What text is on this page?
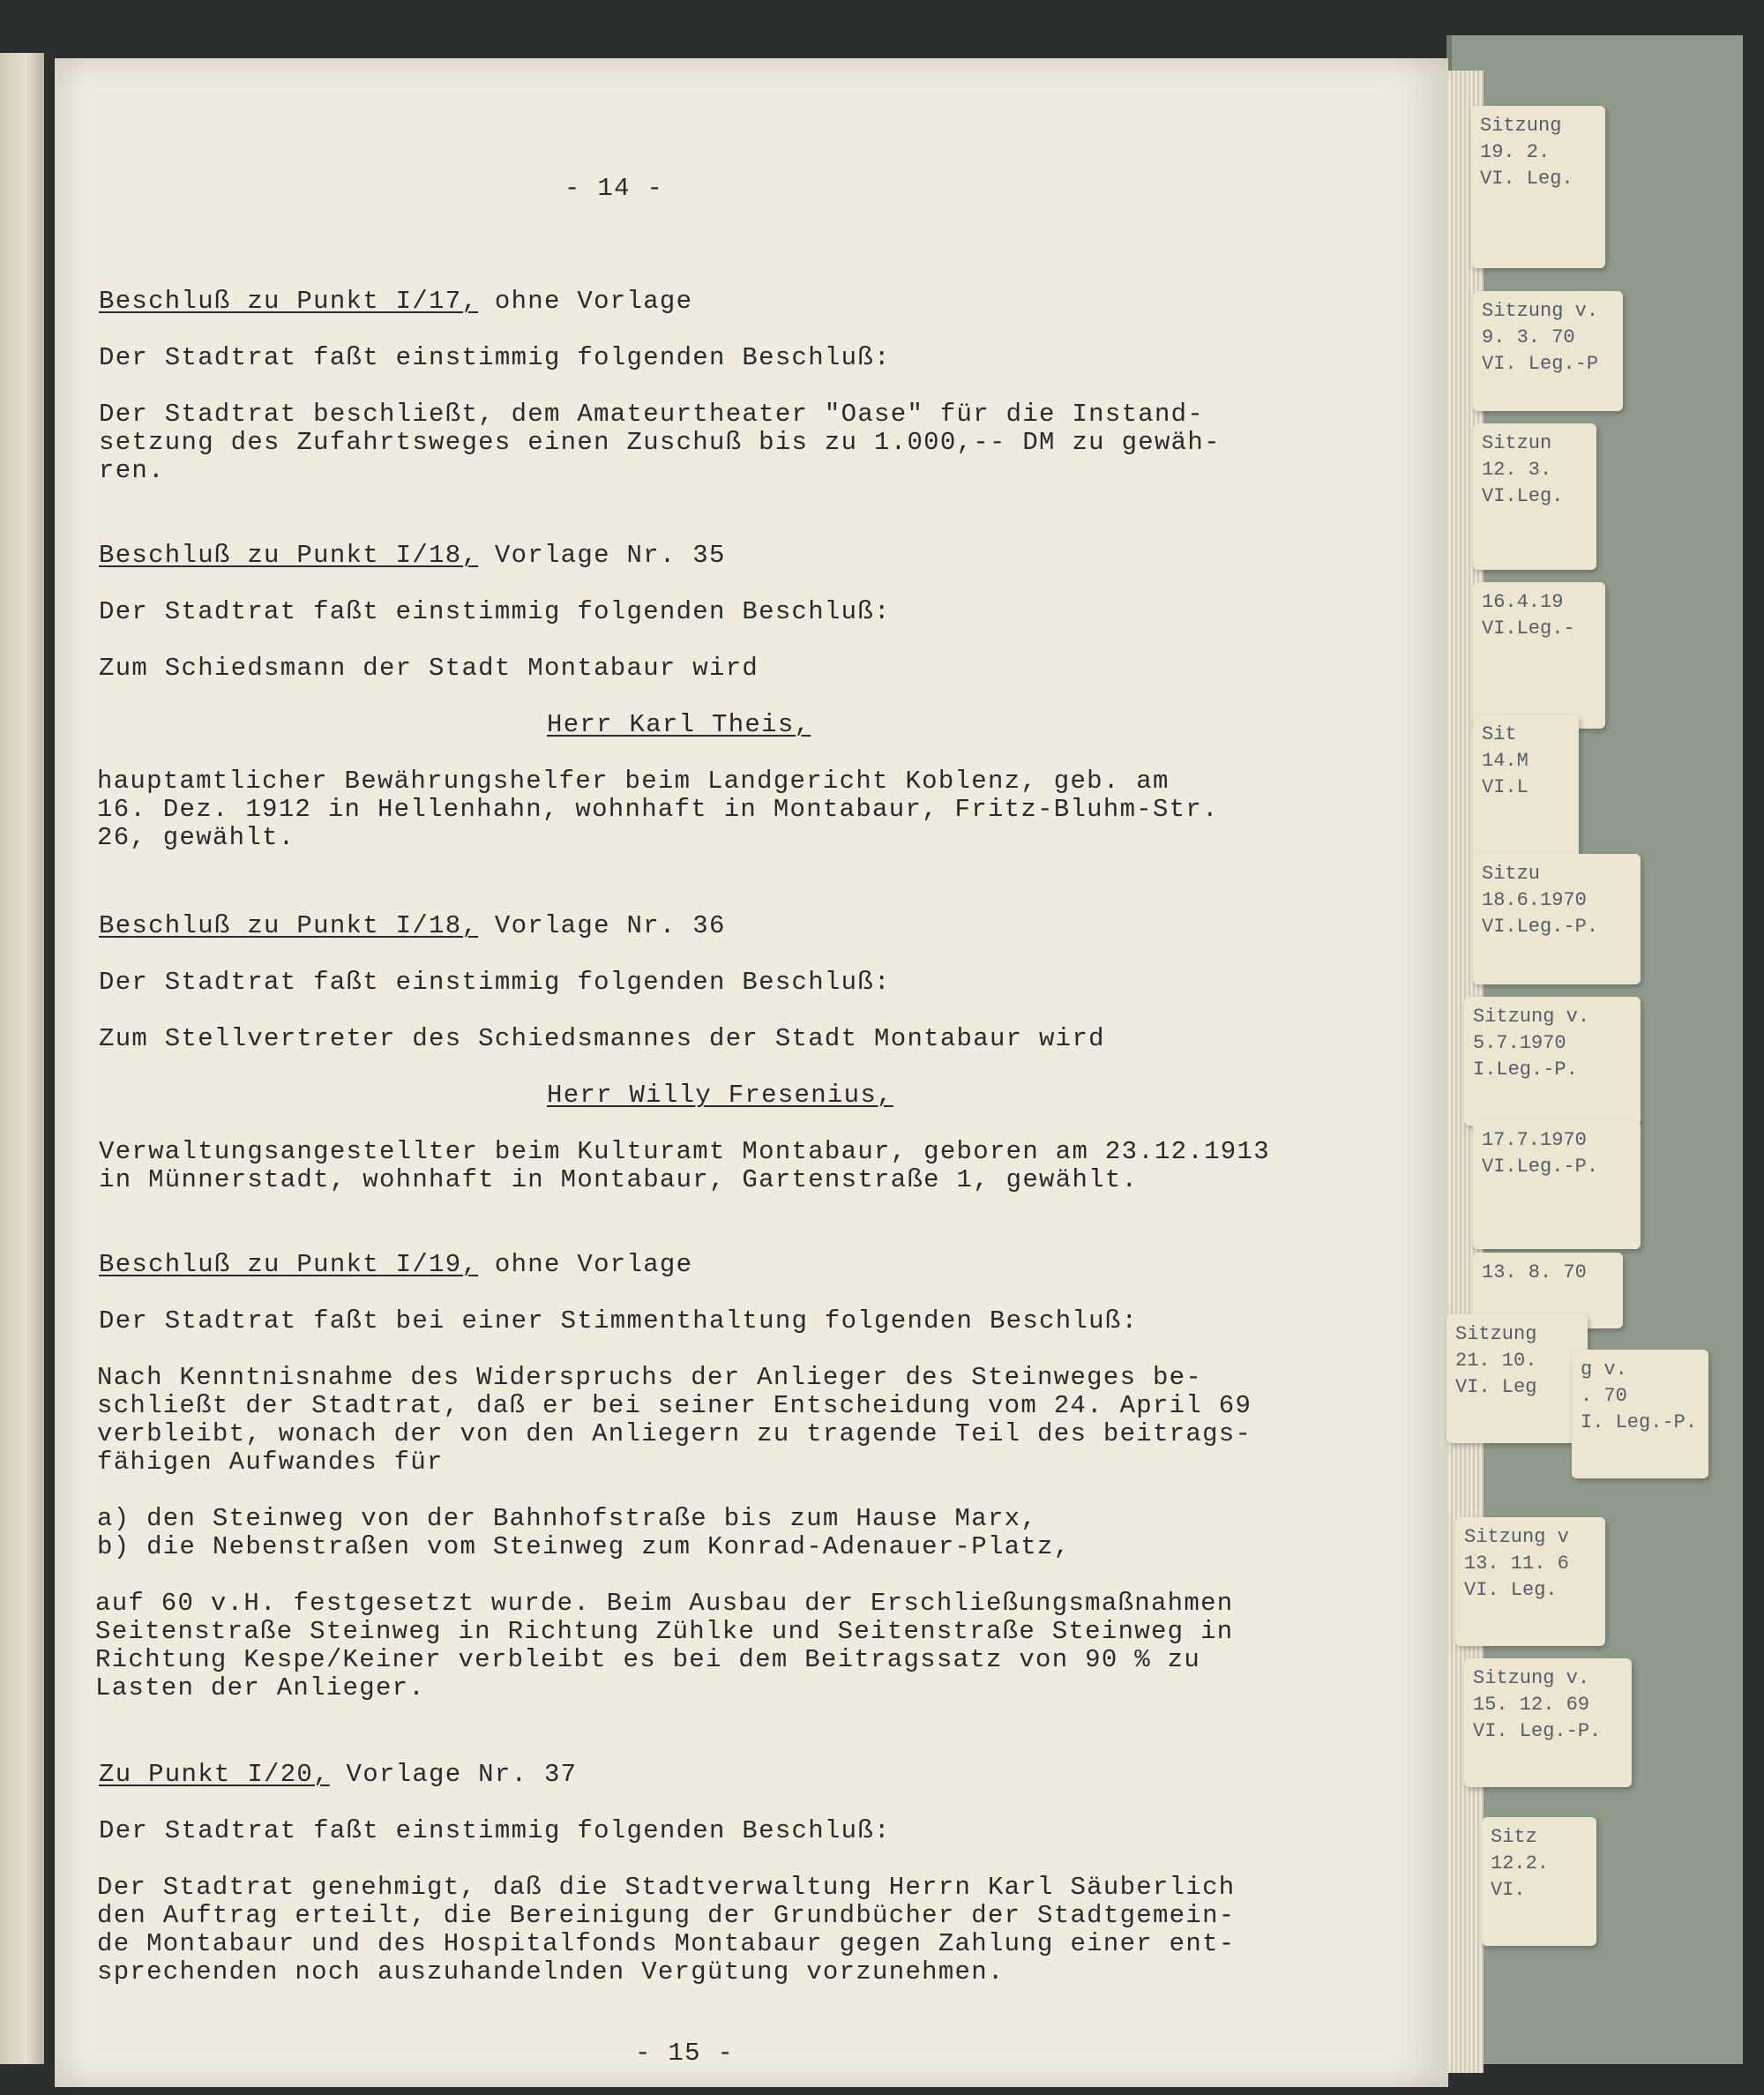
- 14 -
Beschluß zu Punkt I/17, ohne Vorlage
Der Stadtrat faßt einstimmig folgenden Beschluß:
Der Stadtrat beschließt, dem Amateurtheater "Oase" für die Instand-
setzung des Zufahrtsweges einen Zuschuß bis zu 1.000,-- DM zu gewäh-
ren.
Beschluß zu Punkt I/18, Vorlage Nr. 35
Der Stadtrat faßt einstimmig folgenden Beschluß:
Zum Schiedsmann der Stadt Montabaur wird
Herr Karl Theis,
hauptamtlicher Bewährungshelfer beim Landgericht Koblenz, geb. am
16. Dez. 1912 in Hellenhahn, wohnhaft in Montabaur, Fritz-Bluhm-Str.
26, gewählt.
Beschluß zu Punkt I/18, Vorlage Nr. 36
Der Stadtrat faßt einstimmig folgenden Beschluß:
Zum Stellvertreter des Schiedsmannes der Stadt Montabaur wird
Herr Willy Fresenius,
Verwaltungsangestellter beim Kulturamt Montabaur, geboren am 23.12.1913
in Münnerstadt, wohnhaft in Montabaur, Gartenstraße 1, gewählt.
Beschluß zu Punkt I/19, ohne Vorlage
Der Stadtrat faßt bei einer Stimmenthaltung folgenden Beschluß:
Nach Kenntnisnahme des Widerspruchs der Anlieger des Steinweges be-
schließt der Stadtrat, daß er bei seiner Entscheidung vom 24. April 69
verbleibt, wonach der von den Anliegern zu tragende Teil des beitrags-
fähigen Aufwandes für
a) den Steinweg von der Bahnhofstraße bis zum Hause Marx,
b) die Nebenstraßen vom Steinweg zum Konrad-Adenauer-Platz,
auf 60 v.H. festgesetzt wurde. Beim Ausbau der Erschließungsmaßnahmen
Seitenstraße Steinweg in Richtung Zühlke und Seitenstraße Steinweg in
Richtung Kespe/Keiner verbleibt es bei dem Beitragssatz von 90 % zu
Lasten der Anlieger.
Zu Punkt I/20, Vorlage Nr. 37
Der Stadtrat faßt einstimmig folgenden Beschluß:
Der Stadtrat genehmigt, daß die Stadtverwaltung Herrn Karl Säuberlich
den Auftrag erteilt, die Bereinigung der Grundbücher der Stadtgemein-
de Montabaur und des Hospitalfonds Montabaur gegen Zahlung einer ent-
sprechenden noch auszuhandelnden Vergütung vorzunehmen.
- 15 -
Sitzung
19. 2.
VI. Leg.
Sitzung v.
9. 3. 70
VI. Leg.-P
Sitzun
12. 3.
VI.Leg.
16.4.19
VI.Leg.-
Sit
14.M
VI.L
Sitzu
18.6.1970
VI.Leg.-P.
Sitzung v.
5.7.1970
I.Leg.-P.
17.7.1970
VI.Leg.-P.
13. 8. 70
Sitzung
21. 10.
VI. Leg
g v.
. 70
I. Leg.-P.
Sitzung v
13. 11. 6
VI. Leg.
Sitzung v.
15. 12. 69
VI. Leg.-P.
Sitz
12.2.
VI.
